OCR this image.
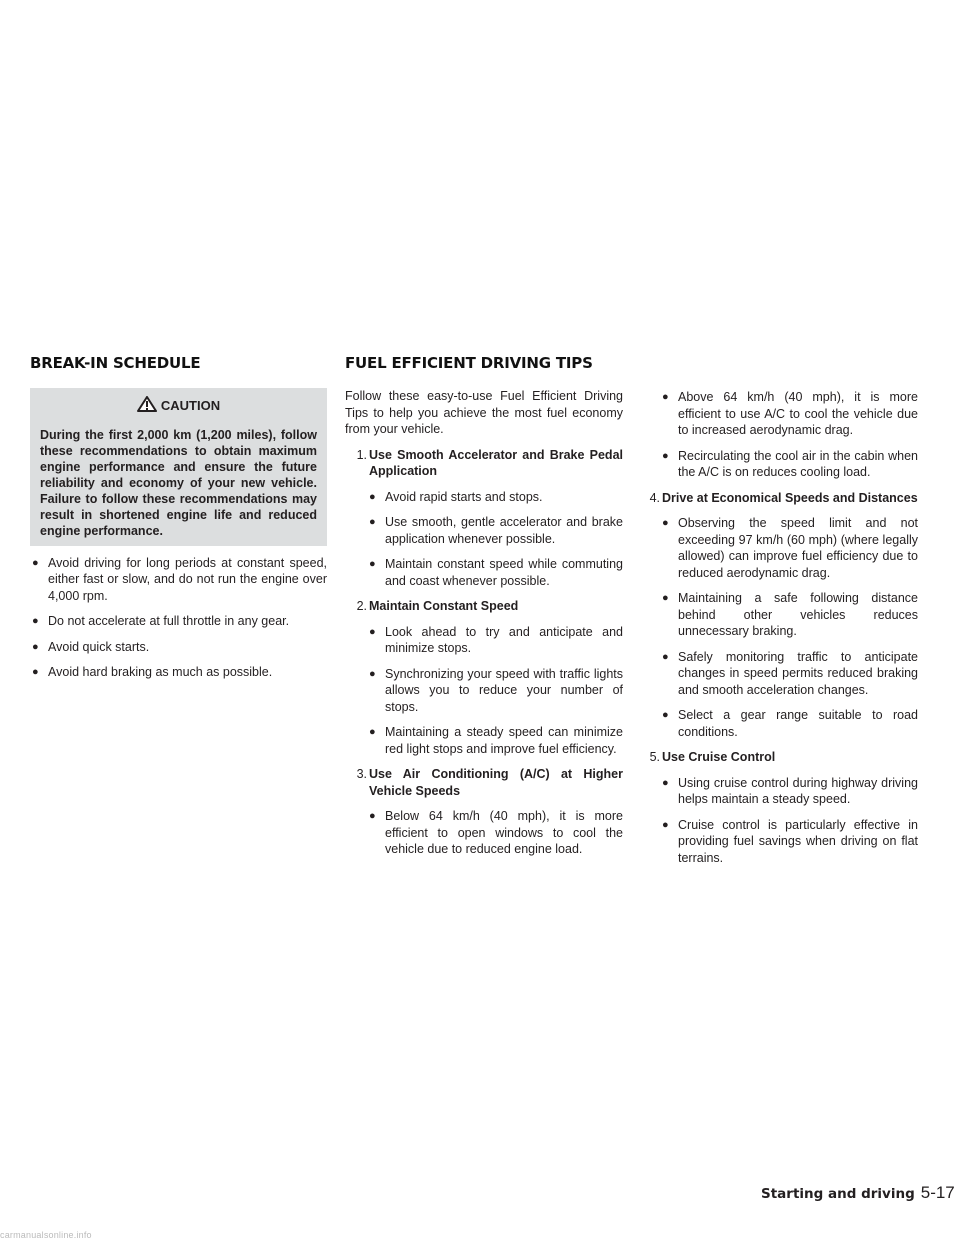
BREAK-IN SCHEDULE	FUEL EFFICIENT DRIVING TIPS
CAUTION
During the first 2,000 km (1,200 miles), follow these recommendations to obtain maximum engine performance and ensure the future reliability and economy of your new vehicle. Failure to follow these recommendations may result in shortened engine life and reduced engine performance.
● Avoid driving for long periods at constant speed, either fast or slow, and do not run the engine over 4,000 rpm.
● Do not accelerate at full throttle in any gear.
● Avoid quick starts.
● Avoid hard braking as much as possible.
Follow these easy-to-use Fuel Efficient Driving Tips to help you achieve the most fuel economy from your vehicle.
1. Use Smooth Accelerator and Brake Pedal Application
● Avoid rapid starts and stops.
● Use smooth, gentle accelerator and brake application whenever possible.
● Maintain constant speed while commuting and coast whenever possible.
2. Maintain Constant Speed
● Look ahead to try and anticipate and minimize stops.
● Synchronizing your speed with traffic lights allows you to reduce your number of stops.
● Maintaining a steady speed can minimize red light stops and improve fuel efficiency.
3. Use Air Conditioning (A/C) at Higher Vehicle Speeds
● Below 64 km/h (40 mph), it is more efficient to open windows to cool the vehicle due to reduced engine load.
● Above 64 km/h (40 mph), it is more efficient to use A/C to cool the vehicle due to increased aerodynamic drag.
● Recirculating the cool air in the cabin when the A/C is on reduces cooling load.
4. Drive at Economical Speeds and Distances
● Observing the speed limit and not exceeding 97 km/h (60 mph) (where legally allowed) can improve fuel efficiency due to reduced aerodynamic drag.
● Maintaining a safe following distance behind other vehicles reduces unnecessary braking.
● Safely monitoring traffic to anticipate changes in speed permits reduced braking and smooth acceleration changes.
● Select a gear range suitable to road conditions.
5. Use Cruise Control
● Using cruise control during highway driving helps maintain a steady speed.
● Cruise control is particularly effective in providing fuel savings when driving on flat terrains.
Starting and driving 5-17
carmanualsonline.info
